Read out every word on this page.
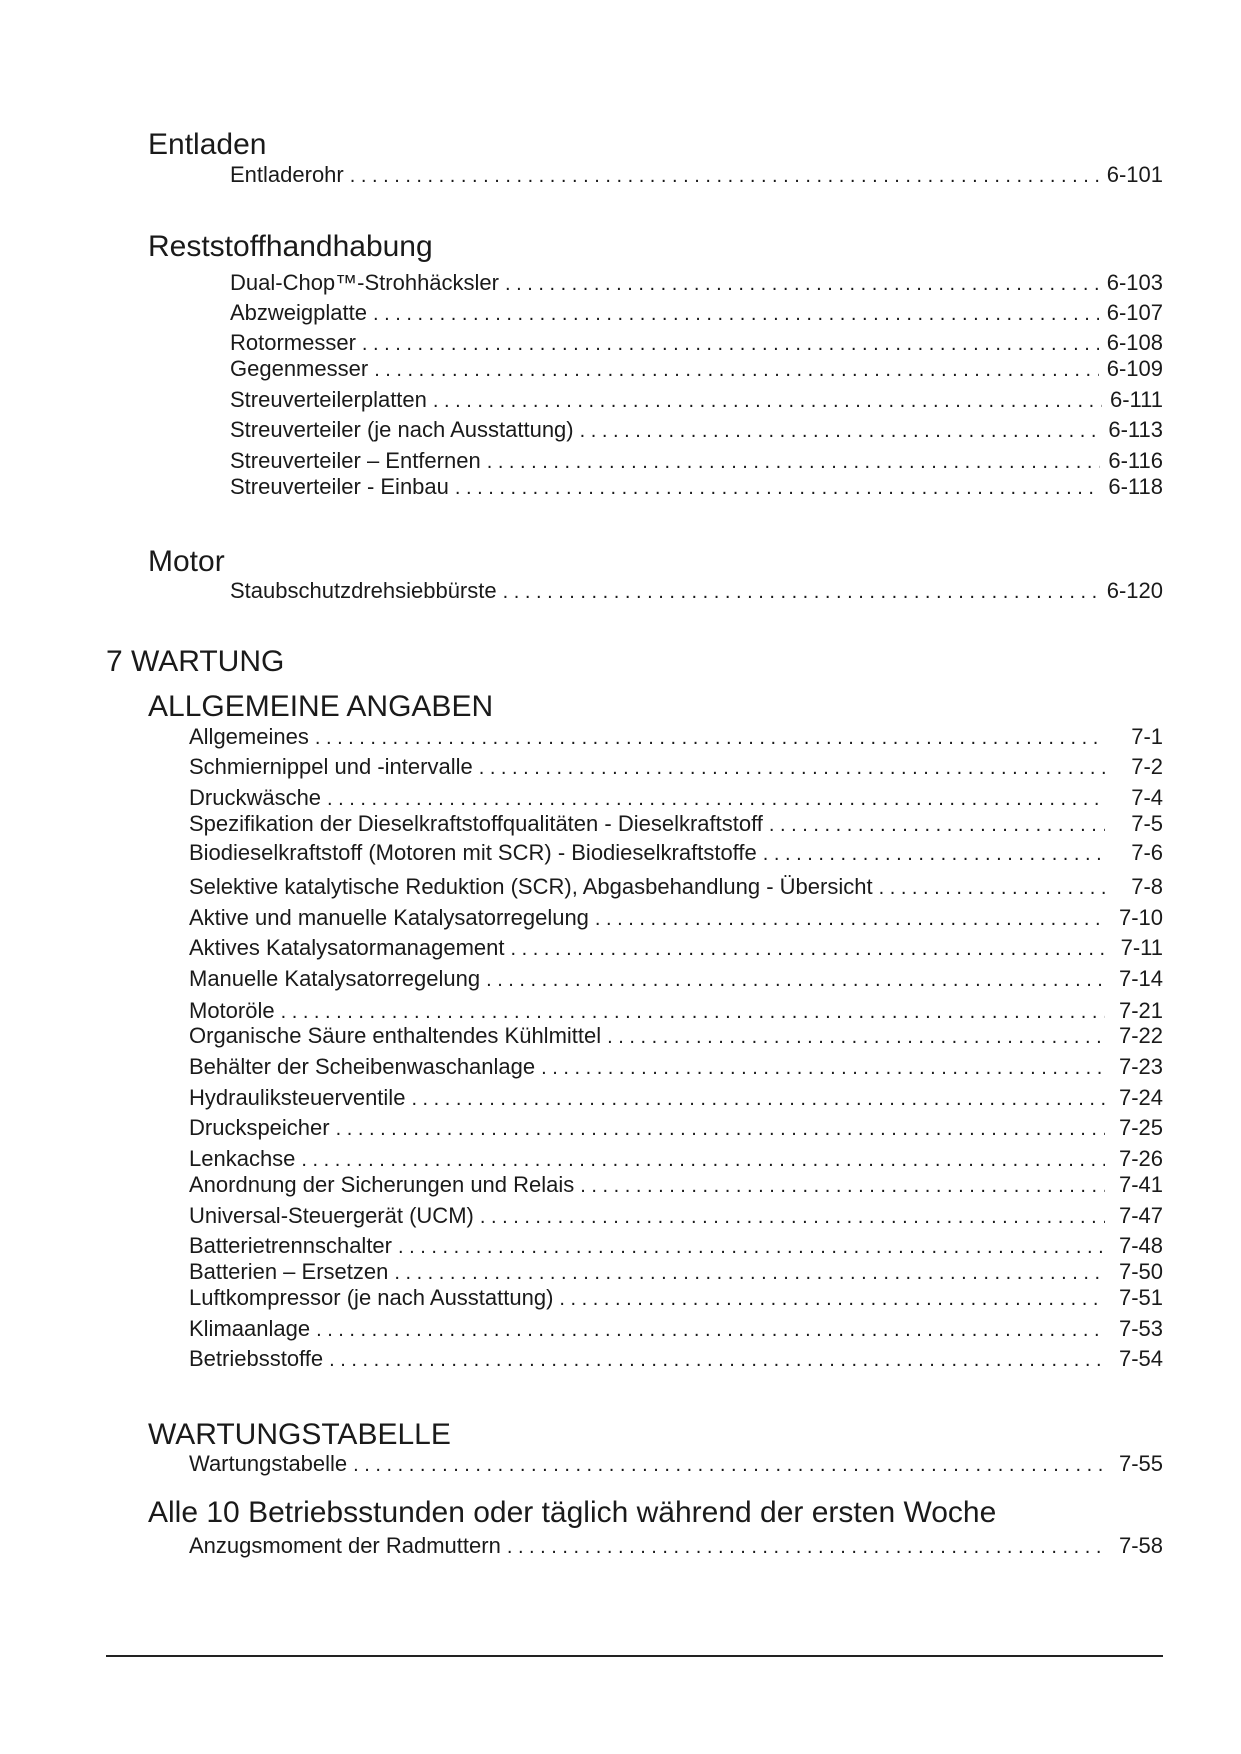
Entladen
Entladerohr . . .	6-101
Reststoffhandhabung
Dual-Chop™-Strohhäcksler . . .	6-103
Abzweigplatte . . .	6-107
Rotormesser . . .	6-108
Gegenmesser . . .	6-109
Streuverteilerplatten . . .	6-111
Streuverteiler (je nach Ausstattung) . . .	6-113
Streuverteiler – Entfernen . . .	6-116
Streuverteiler - Einbau . . .	6-118
Motor
Staubschutzdrehsiebbürste . . .	6-120
7 WARTUNG
ALLGEMEINE ANGABEN
Allgemeines . . .	7-1
Schmiernippel und -intervalle . . .	7-2
Druckwäsche . . .	7-4
Spezifikation der Dieselkraftstoffqualitäten - Dieselkraftstoff . . .	7-5
Biodieselkraftstoff (Motoren mit SCR) - Biodieselkraftstoffe . . .	7-6
Selektive katalytische Reduktion (SCR), Abgasbehandlung - Übersicht . . .	7-8
Aktive und manuelle Katalysatorregelung . . .	7-10
Aktives Katalysatormanagement . . .	7-11
Manuelle Katalysatorregelung . . .	7-14
Motoröle . . .	7-21
Organische Säure enthaltendes Kühlmittel . . .	7-22
Behälter der Scheibenwaschanlage . . .	7-23
Hydrauliksteuerventile . . .	7-24
Druckspeicher . . .	7-25
Lenkachse . . .	7-26
Anordnung der Sicherungen und Relais . . .	7-41
Universal-Steuergerät (UCM) . . .	7-47
Batterietrennschalter . . .	7-48
Batterien – Ersetzen . . .	7-50
Luftkompressor (je nach Ausstattung) . . .	7-51
Klimaanlage . . .	7-53
Betriebsstoffe . . .	7-54
WARTUNGSTABELLE
Wartungstabelle . . .	7-55
Alle 10 Betriebsstunden oder täglich während der ersten Woche
Anzugsmoment der Radmuttern . . .	7-58
